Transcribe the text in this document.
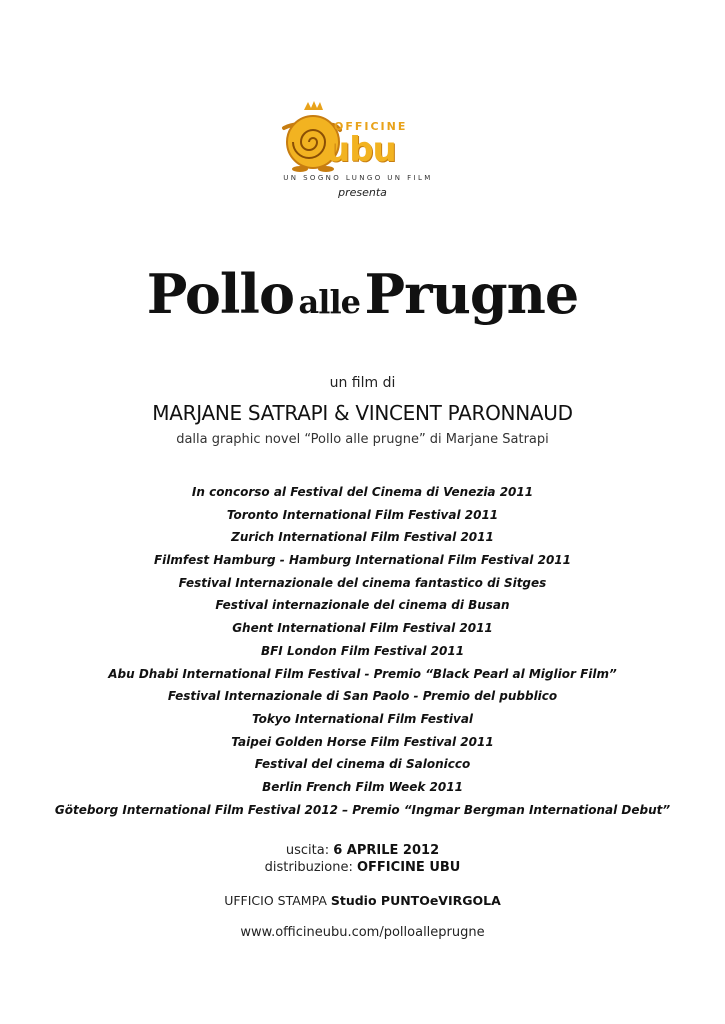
OFFICINE
ubu
UN SOGNO LUNGO UN FILM
presenta
Pollo alle Prugne
un film di
MARJANE SATRAPI & VINCENT PARONNAUD
dalla graphic novel “Pollo alle prugne” di Marjane Satrapi
In concorso al Festival del Cinema di Venezia 2011
Toronto International Film Festival 2011
Zurich International Film Festival 2011
Filmfest Hamburg - Hamburg International Film Festival 2011
Festival Internazionale del cinema fantastico di Sitges
Festival internazionale del cinema di Busan
Ghent International Film Festival 2011
BFI London Film Festival 2011
Abu Dhabi International Film Festival - Premio “Black Pearl al Miglior Film”
Festival Internazionale di San Paolo - Premio del pubblico
Tokyo International Film Festival
Taipei Golden Horse Film Festival 2011
Festival del cinema di Salonicco
Berlin French Film Week 2011
Göteborg International Film Festival 2012 – Premio “Ingmar Bergman International Debut”
uscita: 6 APRILE 2012
distribuzione: OFFICINE UBU
UFFICIO STAMPA Studio PUNTOeVIRGOLA
www.officineubu.com/polloalleprugne
